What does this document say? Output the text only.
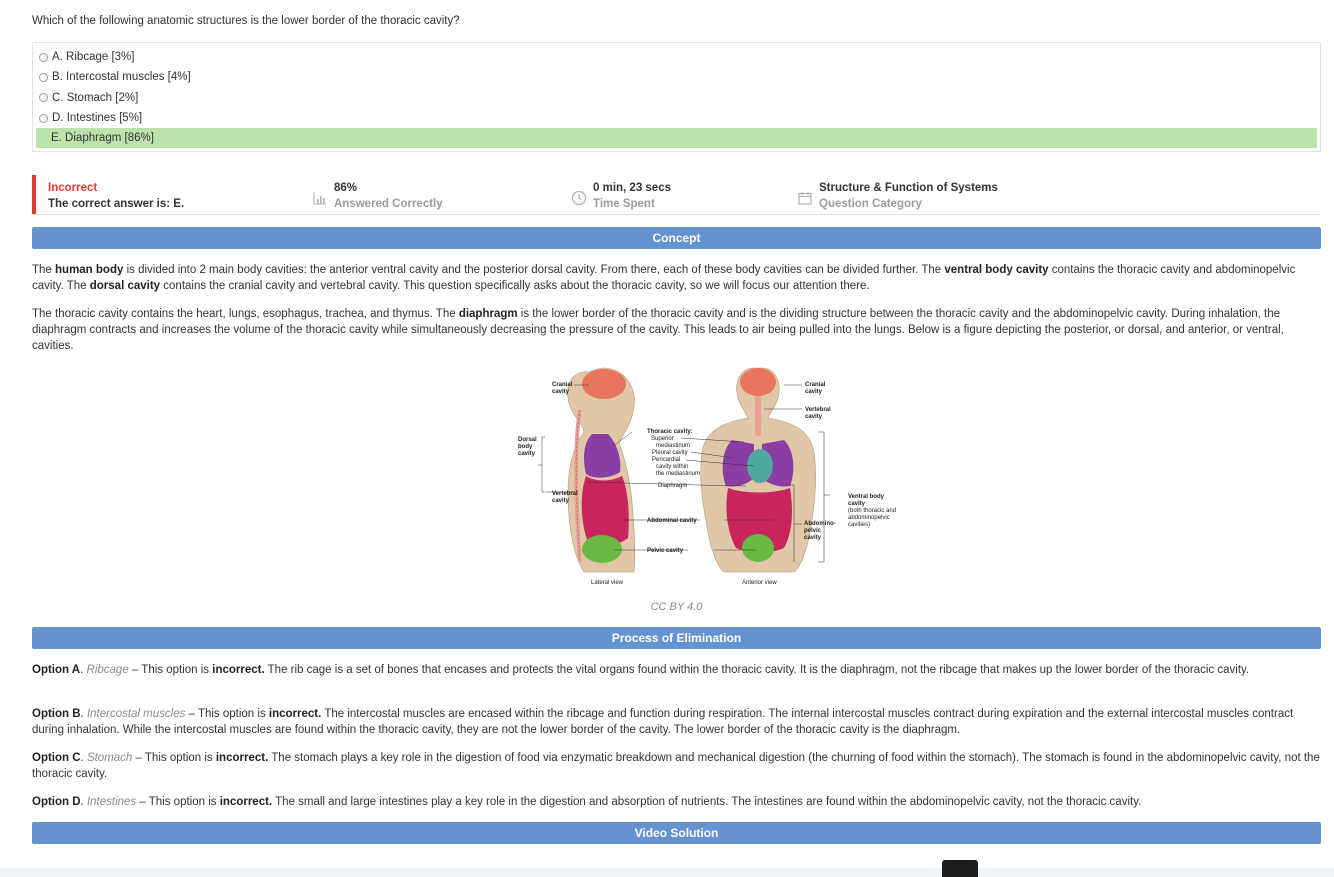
Which of the following anatomic structures is the lower border of the thoracic cavity?
A. Ribcage [3%]
B. Intercostal muscles [4%]
C. Stomach [2%]
D. Intestines [5%]
E. Diaphragm [86%]
Incorrect
The correct answer is: E.
86%
Answered Correctly
0 min, 23 secs
Time Spent
Structure & Function of Systems
Question Category
Concept
The human body is divided into 2 main body cavities: the anterior ventral cavity and the posterior dorsal cavity. From there, each of these body cavities can be divided further. The ventral body cavity contains the thoracic cavity and abdominopelvic cavity. The dorsal cavity contains the cranial cavity and vertebral cavity. This question specifically asks about the thoracic cavity, so we will focus our attention there.
The thoracic cavity contains the heart, lungs, esophagus, trachea, and thymus. The diaphragm is the lower border of the thoracic cavity and is the dividing structure between the thoracic cavity and the abdominopelvic cavity. During inhalation, the diaphragm contracts and increases the volume of the thoracic cavity while simultaneously decreasing the pressure of the cavity. This leads to air being pulled into the lungs. Below is a figure depicting the posterior, or dorsal, and anterior, or ventral, cavities.
Cranial
cavity
Dorsal
body
cavity
Vertebral
cavity
Thoracic cavity:
Superior
mediastinum
Pleural cavity
Pericardial
cavity within
the mediastinum
Diaphragm
Abdominal cavity
Pelvic cavity
Lateral view	Anterior view
Cranial
cavity
Vertebral
cavity
Ventral body
cavity
(both thoracic and
abdominopelvic
cavities)
Abdomino-
pelvic
cavity
CC BY 4.0
Process of Elimination
Option A. Ribcage – This option is incorrect. The rib cage is a set of bones that encases and protects the vital organs found within the thoracic cavity. It is the diaphragm, not the ribcage that makes up the lower border of the thoracic cavity.
Option B. Intercostal muscles – This option is incorrect. The intercostal muscles are encased within the ribcage and function during respiration. The internal intercostal muscles contract during expiration and the external intercostal muscles contract during inhalation. While the intercostal muscles are found within the thoracic cavity, they are not the lower border of the cavity. The lower border of the thoracic cavity is the diaphragm.
Option C. Stomach – This option is incorrect. The stomach plays a key role in the digestion of food via enzymatic breakdown and mechanical digestion (the churning of food within the stomach). The stomach is found in the abdominopelvic cavity, not the thoracic cavity.
Option D. Intestines – This option is incorrect. The small and large intestines play a key role in the digestion and absorption of nutrients. The intestines are found within the abdominopelvic cavity, not the thoracic cavity.
Video Solution
